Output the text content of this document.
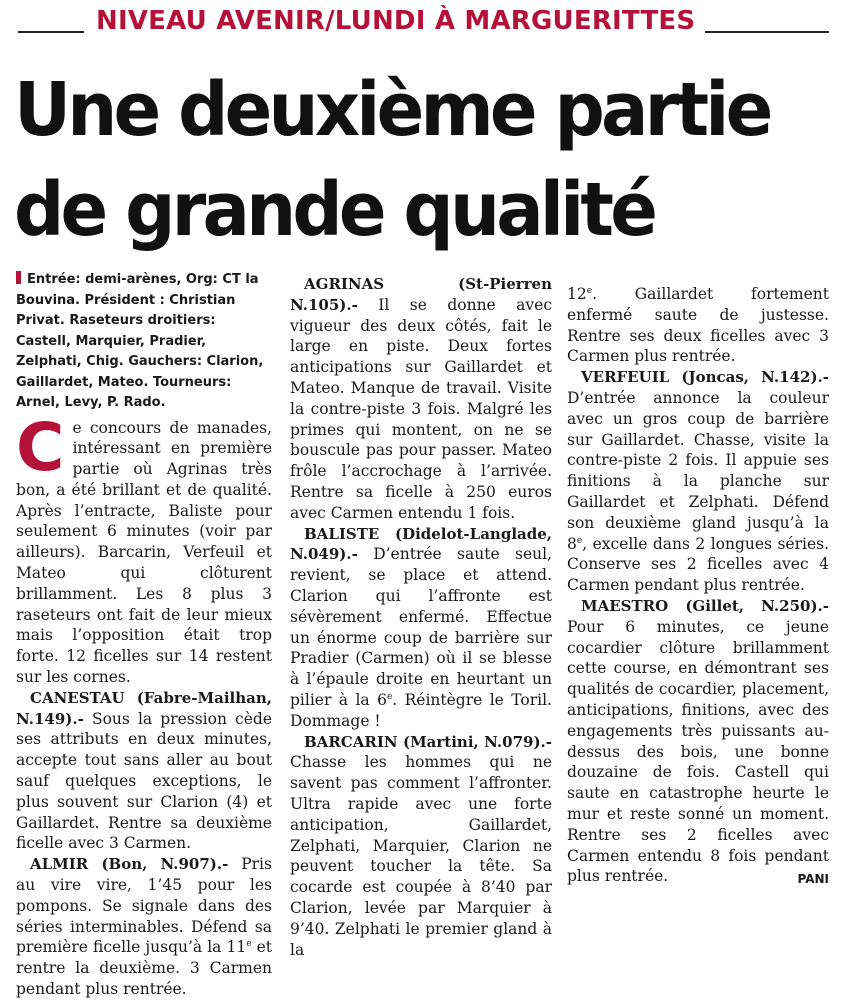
NIVEAU AVENIR/LUNDI À MARGUERITTES
Une deuxième partie
de grande qualité

Entrée: demi-arènes, Org: CT la Bouvina. Président : Christian Privat. Raseteurs droitiers: Castell, Marquier, Pradier, Zelphati, Chig. Gauchers: Clarion, Gaillardet, Mateo. Tourneurs: Arnel, Levy, P. Rado.

Ce concours de manades, intéressant en première partie où Agrinas très bon, a été brillant et de qualité. Après l’entracte, Baliste pour seulement 6 minutes (voir par ailleurs). Barcarin, Verfeuil et Mateo qui clôturent brillamment. Les 8 plus 3 raseteurs ont fait de leur mieux mais l’opposition était trop forte. 12 ficelles sur 14 restent sur les cornes.

CANESTAU (Fabre-Mailhan, N.149).- Sous la pression cède ses attributs en deux minutes, accepte tout sans aller au bout sauf quelques exceptions, le plus souvent sur Clarion (4) et Gaillardet. Rentre sa deuxième ficelle avec 3 Carmen.

ALMIR (Bon, N.907).- Pris au vire vire, 1’45 pour les pompons. Se signale dans des séries interminables. Défend sa première ficelle jusqu’à la 11e et rentre la deuxième. 3 Carmen pendant plus rentrée.

AGRINAS (St-Pierren N.105).- Il se donne avec vigueur des deux côtés, fait le large en piste. Deux fortes anticipations sur Gaillardet et Mateo. Manque de travail. Visite la contre-piste 3 fois. Malgré les primes qui montent, on ne se bouscule pas pour passer. Mateo frôle l’accrochage à l’arrivée. Rentre sa ficelle à 250 euros avec Carmen entendu 1 fois.

BALISTE (Didelot-Langlade, N.049).- D’entrée saute seul, revient, se place et attend. Clarion qui l’affronte est sévèrement enfermé. Effectue un énorme coup de barrière sur Pradier (Carmen) où il se blesse à l’épaule droite en heurtant un pilier à la 6e. Réintègre le Toril. Dommage !

BARCARIN (Martini, N.079).- Chasse les hommes qui ne savent pas comment l’affronter. Ultra rapide avec une forte anticipation, Gaillardet, Zelphati, Marquier, Clarion ne peuvent toucher la tête. Sa cocarde est coupée à 8’40 par Clarion, levée par Marquier à 9’40. Zelphati le premier gland à la

12e. Gaillardet fortement enfermé saute de justesse. Rentre ses deux ficelles avec 3 Carmen plus rentrée.

VERFEUIL (Joncas, N.142).- D’entrée annonce la couleur avec un gros coup de barrière sur Gaillardet. Chasse, visite la contre-piste 2 fois. Il appuie ses finitions à la planche sur Gaillardet et Zelphati. Défend son deuxième gland jusqu’à la 8e, excelle dans 2 longues séries. Conserve ses 2 ficelles avec 4 Carmen pendant plus rentrée.

MAESTRO (Gillet, N.250).- Pour 6 minutes, ce jeune cocardier clôture brillamment cette course, en démontrant ses qualités de cocardier, placement, anticipations, finitions, avec des engagements très puissants au-dessus des bois, une bonne douzaine de fois. Castell qui saute en catastrophe heurte le mur et reste sonné un moment. Rentre ses 2 ficelles avec Carmen entendu 8 fois pendant plus rentrée.	PANI
